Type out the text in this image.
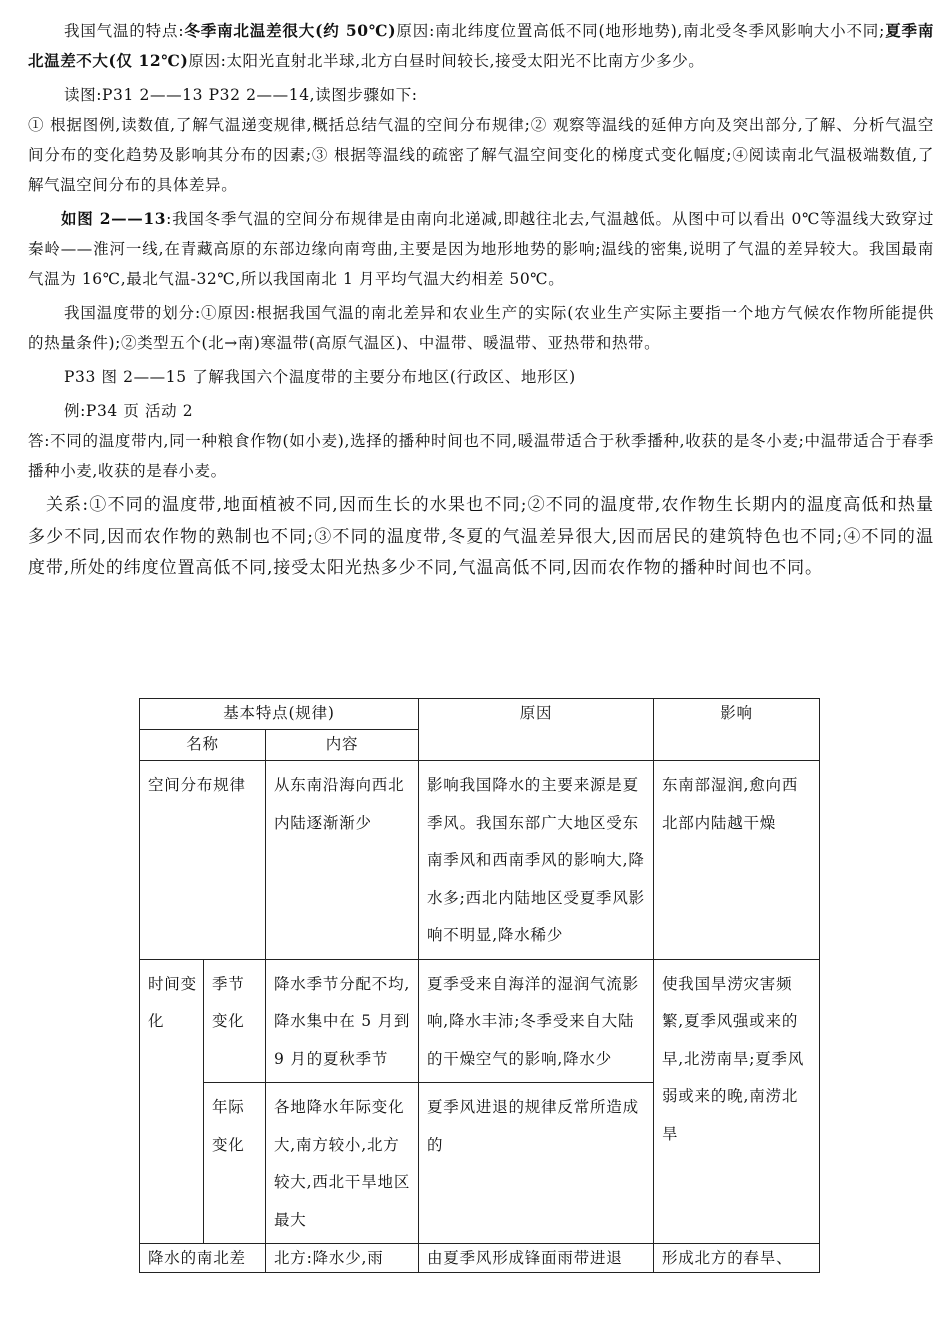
我国气温的特点:冬季南北温差很大(约 50℃)原因:南北纬度位置高低不同(地形地势),南北受冬季风影响大小不同;夏季南北温差不大(仅 12℃)原因:太阳光直射北半球,北方白昼时间较长,接受太阳光不比南方少多少。

读图:P31 2——13 P32 2——14,读图步骤如下:

① 根据图例,读数值,了解气温递变规律,概括总结气温的空间分布规律;② 观察等温线的延伸方向及突出部分,了解、分析气温空间分布的变化趋势及影响其分布的因素;③ 根据等温线的疏密了解气温空间变化的梯度式变化幅度;④阅读南北气温极端数值,了解气温空间分布的具体差异。

如图 2——13:我国冬季气温的空间分布规律是由南向北递减,即越往北去,气温越低。从图中可以看出 0℃等温线大致穿过秦岭——淮河一线,在青藏高原的东部边缘向南弯曲,主要是因为地形地势的影响;温线的密集,说明了气温的差异较大。我国最南气温为 16℃,最北气温-32℃,所以我国南北 1 月平均气温大约相差 50℃。

我国温度带的划分:①原因:根据我国气温的南北差异和农业生产的实际(农业生产实际主要指一个地方气候农作物所能提供的热量条件);②类型五个(北→南)寒温带(高原气温区)、中温带、暖温带、亚热带和热带。

P33 图 2——15 了解我国六个温度带的主要分布地区(行政区、地形区)

例:P34 页 活动 2

答:不同的温度带内,同一种粮食作物(如小麦),选择的播种时间也不同,暖温带适合于秋季播种,收获的是冬小麦;中温带适合于春季播种小麦,收获的是春小麦。

关系:①不同的温度带,地面植被不同,因而生长的水果也不同;②不同的温度带,农作物生长期内的温度高低和热量多少不同,因而农作物的熟制也不同;③不同的温度带,冬夏的气温差异很大,因而居民的建筑特色也不同;④不同的温度带,所处的纬度位置高低不同,接受太阳光热多少不同,气温高低不同,因而农作物的播种时间也不同。

基本特点(规律)			原因	影响
名称		内容		
空间分布规律		从东南沿海向西北内陆逐渐渐少	影响我国降水的主要来源是夏季风。我国东部广大地区受东南季风和西南季风的影响大,降水多;西北内陆地区受夏季风影响不明显,降水稀少	东南部湿润,愈向西北部内陆越干燥
时间变化	季节变化	降水季节分配不均,降水集中在 5 月到 9 月的夏秋季节	夏季受来自海洋的湿润气流影响,降水丰沛;冬季受来自大陆的干燥空气的影响,降水少	使我国旱涝灾害频繁,夏季风强或来的早,北涝南旱;夏季风弱或来的晚,南涝北旱
	年际变化	各地降水年际变化大,南方较小,北方较大,西北干旱地区最大	夏季风进退的规律反常所造成的	
降水的南北差		北方:降水少,雨	由夏季风形成锋面雨带进退	形成北方的春旱、
